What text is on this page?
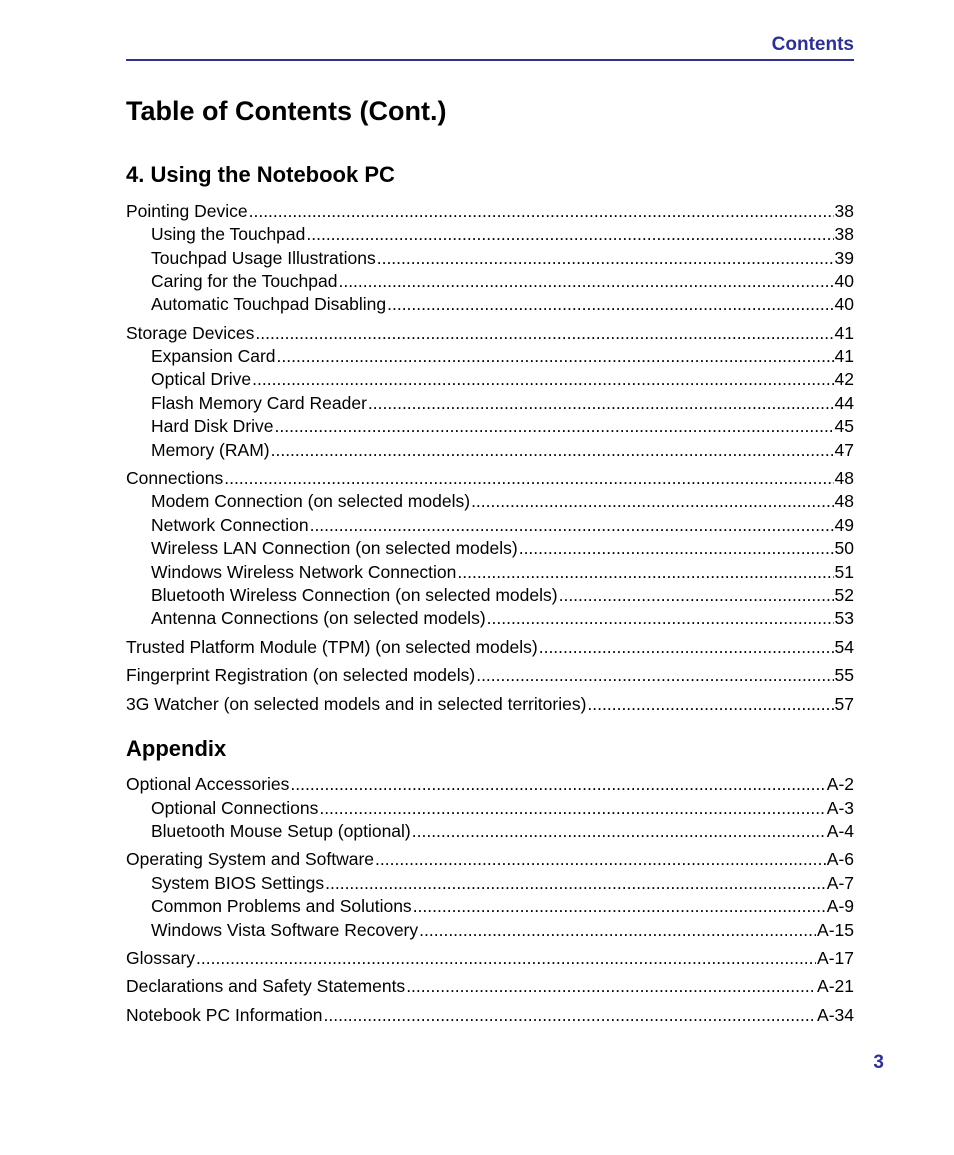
Contents
Table of Contents (Cont.)
4. Using the Notebook PC
Pointing Device .....	38
Using the Touchpad .....	38
Touchpad Usage Illustrations .....	39
Caring for the Touchpad .....	40
Automatic Touchpad Disabling .....	40
Storage Devices .....	41
Expansion Card .....	41
Optical Drive .....	42
Flash Memory Card Reader .....	44
Hard Disk Drive .....	45
Memory (RAM) .....	47
Connections .....	48
Modem Connection (on selected models) .....	48
Network Connection .....	49
Wireless LAN Connection (on selected models) .....	50
Windows Wireless Network Connection .....	51
Bluetooth Wireless Connection (on selected models) .....	52
Antenna Connections (on selected models) .....	53
Trusted Platform Module (TPM) (on selected models) .....	54
Fingerprint Registration (on selected models) .....	55
3G Watcher (on selected models and in selected territories) .....	57
Appendix
Optional Accessories .....	A-2
Optional Connections .....	A-3
Bluetooth Mouse Setup (optional) .....	A-4
Operating System and Software .....	A-6
System BIOS Settings .....	A-7
Common Problems and Solutions .....	A-9
Windows Vista Software Recovery .....	A-15
Glossary .....	A-17
Declarations and Safety Statements .....	A-21
Notebook PC Information .....	A-34
3
